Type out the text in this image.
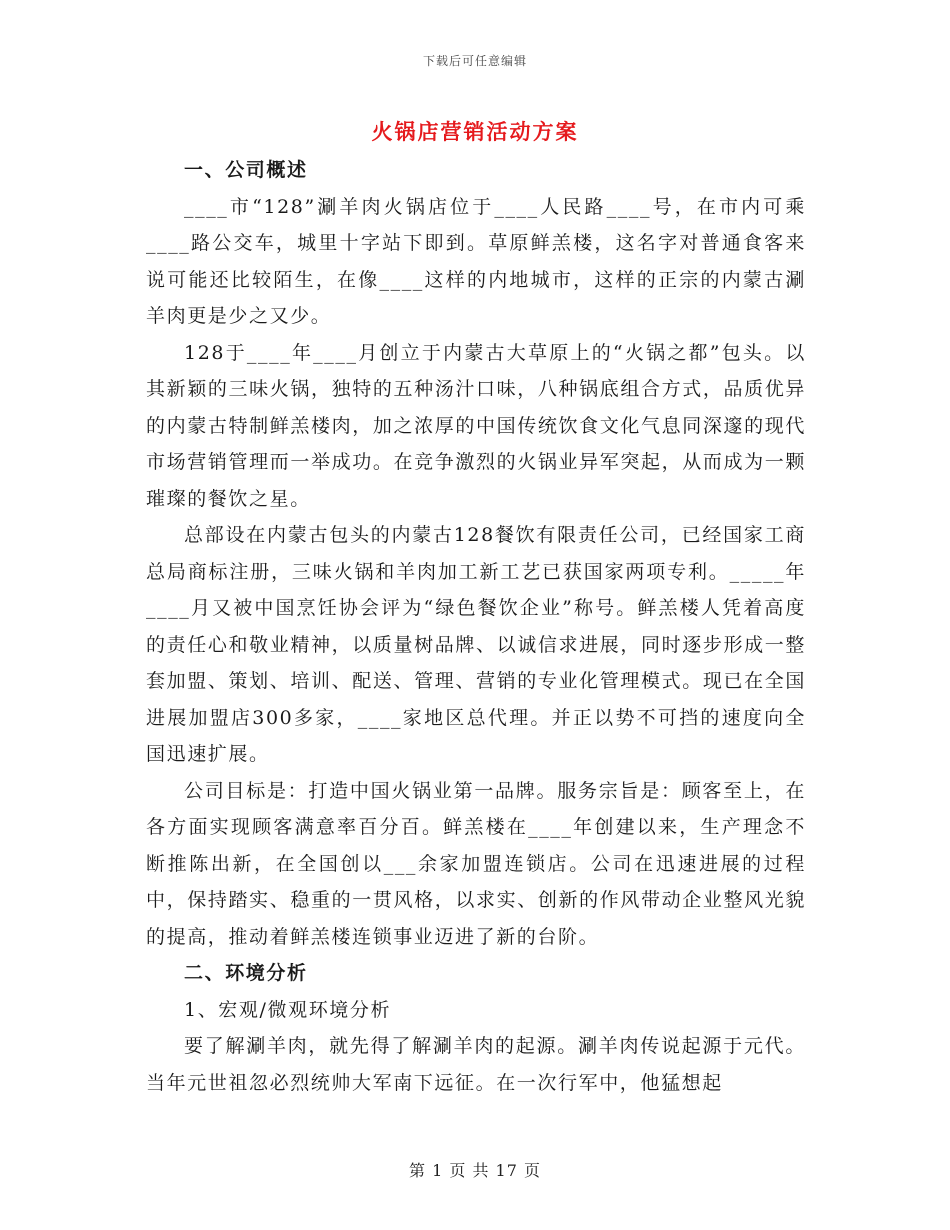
下载后可任意编辑
火锅店营销活动方案
一、公司概述

____市“128”涮羊肉火锅店位于____人民路____号，在市内可乘____路公交车，城里十字站下即到。草原鲜羔楼，这名字对普通食客来说可能还比较陌生，在像____这样的内地城市，这样的正宗的内蒙古涮羊肉更是少之又少。

128于____年____月创立于内蒙古大草原上的“火锅之都”包头。以其新颖的三味火锅，独特的五种汤汁口味，八种锅底组合方式，品质优异的内蒙古特制鲜羔楼肉，加之浓厚的中国传统饮食文化气息同深邃的现代市场营销管理而一举成功。在竞争激烈的火锅业异军突起，从而成为一颗璀璨的餐饮之星。

总部设在内蒙古包头的内蒙古128餐饮有限责任公司，已经国家工商总局商标注册，三味火锅和羊肉加工新工艺已获国家两项专利。_____年____月又被中国烹饪协会评为“绿色餐饮企业”称号。鲜羔楼人凭着高度的责任心和敬业精神，以质量树品牌、以诚信求进展，同时逐步形成一整套加盟、策划、培训、配送、管理、营销的专业化管理模式。现已在全国进展加盟店300多家，____家地区总代理。并正以势不可挡的速度向全国迅速扩展。

公司目标是：打造中国火锅业第一品牌。服务宗旨是：顾客至上，在各方面实现顾客满意率百分百。鲜羔楼在____年创建以来，生产理念不断推陈出新，在全国创以___余家加盟连锁店。公司在迅速进展的过程中，保持踏实、稳重的一贯风格，以求实、创新的作风带动企业整风光貌的提高，推动着鲜羔楼连锁事业迈进了新的台阶。

二、环境分析
1、宏观/微观环境分析

要了解涮羊肉，就先得了解涮羊肉的起源。涮羊肉传说起源于元代。当年元世祖忽必烈统帅大军南下远征。在一次行军中，他猛想起

第 1 页 共 17 页
